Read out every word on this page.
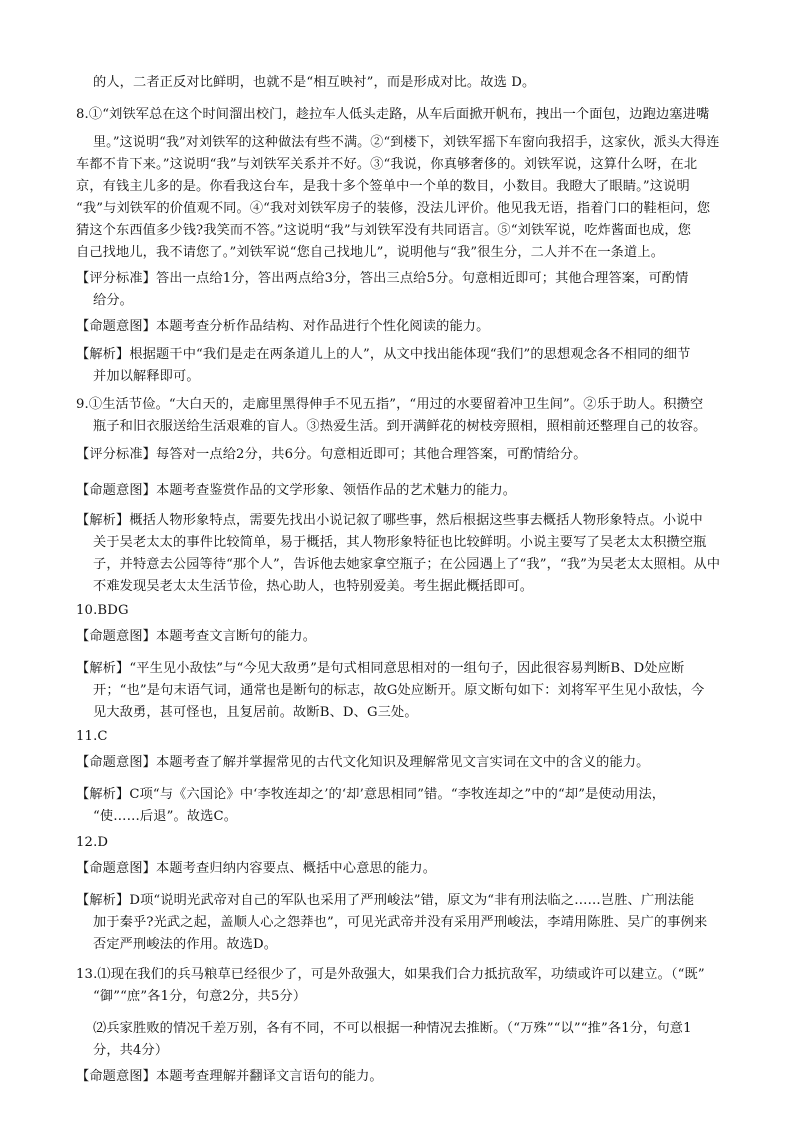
的人，二者正反对比鲜明，也就不是“相互映衬”，而是形成对比。故选 D。
8.①“刘铁军总在这个时间溜出校门，趁拉车人低头走路，从车后面掀开帆布，拽出一个面包，边跑边塞进嘴
里。”这说明“我”对刘铁军的这种做法有些不满。②“到楼下，刘铁军摇下车窗向我招手，这家伙，派头大得连
车都不肯下来。”这说明“我”与刘铁军关系并不好。③“我说，你真够奢侈的。刘铁军说，这算什么呀，在北
京，有钱主儿多的是。你看我这台车，是我十多个签单中一个单的数目，小数目。我瞪大了眼睛。”这说明
“我”与刘铁军的价值观不同。④“我对刘铁军房子的装修，没法儿评价。他见我无语，指着门口的鞋柜问，您
猜这个东西值多少钱?我笑而不答。”这说明“我”与刘铁军没有共同语言。⑤“刘铁军说，吃炸酱面也成，您
自己找地儿，我不请您了。”刘铁军说“您自己找地儿”，说明他与“我”很生分，二人并不在一条道上。
【评分标准】答出一点给1分，答出两点给3分，答出三点给5分。句意相近即可；其他合理答案，可酌情
给分。
【命题意图】本题考查分析作品结构、对作品进行个性化阅读的能力。
【解析】根据题干中“我们是走在两条道儿上的人”，从文中找出能体现“我们”的思想观念各不相同的细节
并加以解释即可。
9.①生活节俭。“大白天的，走廊里黑得伸手不见五指”，“用过的水要留着冲卫生间”。②乐于助人。积攒空
瓶子和旧衣服送给生活艰难的盲人。③热爱生活。到开满鲜花的树枝旁照相，照相前还整理自己的妆容。
【评分标准】每答对一点给2分，共6分。句意相近即可；其他合理答案，可酌情给分。
【命题意图】本题考查鉴赏作品的文学形象、领悟作品的艺术魅力的能力。
【解析】概括人物形象特点，需要先找出小说记叙了哪些事，然后根据这些事去概括人物形象特点。小说中
关于吴老太太的事件比较简单，易于概括，其人物形象特征也比较鲜明。小说主要写了吴老太太积攒空瓶
子，并特意去公园等待“那个人”，告诉他去她家拿空瓶子；在公园遇上了“我”，“我”为吴老太太照相。从中
不难发现吴老太太生活节俭，热心助人，也特别爱美。考生据此概括即可。
10.BDG
【命题意图】本题考查文言断句的能力。
【解析】“平生见小敌怯”与“今见大敌勇”是句式相同意思相对的一组句子，因此很容易判断B、D处应断
开；“也”是句末语气词，通常也是断句的标志，故G处应断开。原文断句如下：刘将军平生见小敌怯，今
见大敌勇，甚可怪也，且复居前。故断B、D、G三处。
11.C
【命题意图】本题考查了解并掌握常见的古代文化知识及理解常见文言实词在文中的含义的能力。
【解析】C项“与《六国论》中‘李牧连却之’的‘却’意思相同”错。“李牧连却之”中的“却”是使动用法，
“使……后退”。故选C。
12.D
【命题意图】本题考查归纳内容要点、概括中心意思的能力。
【解析】D项“说明光武帝对自己的军队也采用了严刑峻法”错，原文为“非有刑法临之……岂胜、广刑法能
加于秦乎?光武之起，盖顺人心之怨莽也”，可见光武帝并没有采用严刑峻法，李靖用陈胜、吴广的事例来
否定严刑峻法的作用。故选D。
13.⑴现在我们的兵马粮草已经很少了，可是外敌强大，如果我们合力抵抗敌军，功绩或许可以建立。（“既”
“御”“庶”各1分，句意2分，共5分）
⑵兵家胜败的情况千差万别，各有不同，不可以根据一种情况去推断。（“万殊”“以”“推”各1分，句意1
分，共4分）
【命题意图】本题考查理解并翻译文言语句的能力。
